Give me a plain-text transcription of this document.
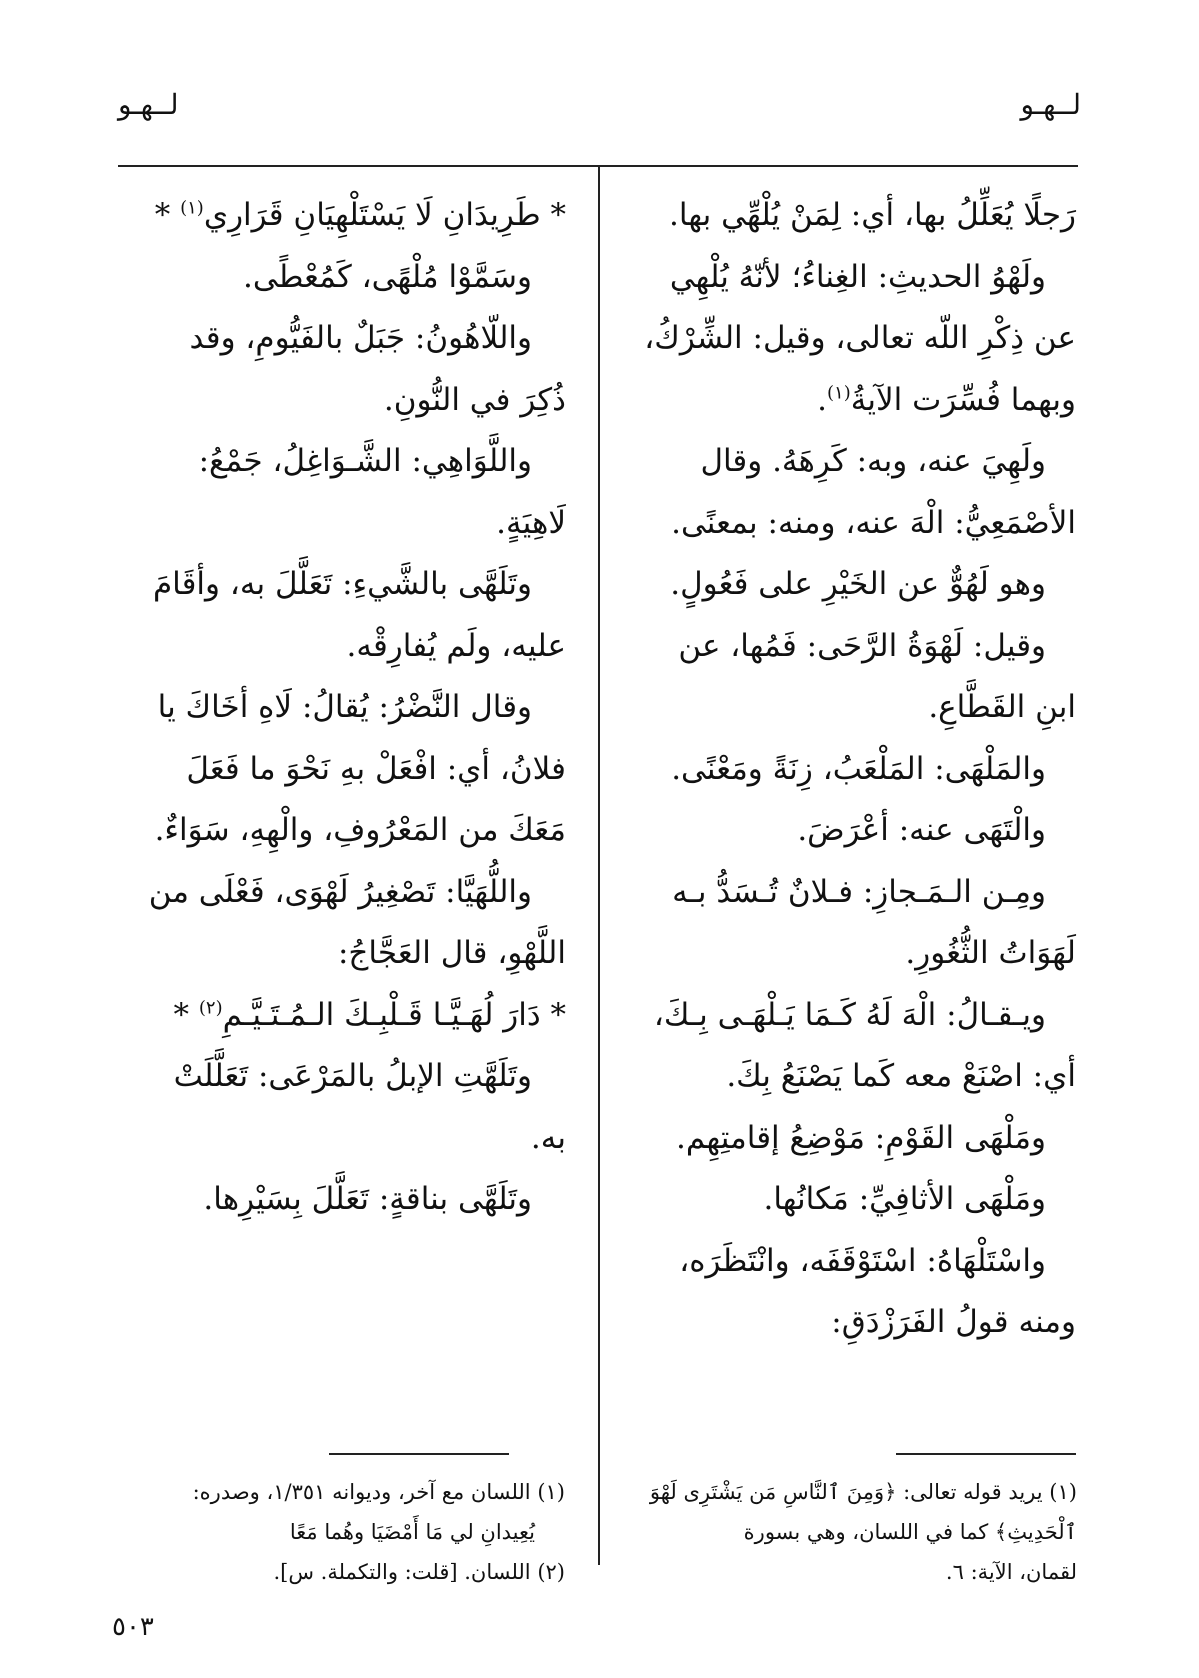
لــهـو
لــهـو
رَجلًا يُعَلِّلُ بها، أي: لِمَنْ يُلْهِّي بها.
ولَهْوُ الحديثِ: الغِناءُ؛ لأنّهُ يُلْهِي
عن ذِكْرِ اللّه تعالى، وقيل: الشِّرْكُ،
وبهما فُسِّرَت الآيةُ$^{(١)}$.
ولَهِيَ عنه، وبه: كَرِهَهُ. وقال
الأصْمَعِيُّ: الْهَ عنه، ومنه: بمعنًى.
وهو لَهُوٌّ عن الخَيْرِ على فَعُولٍ.
وقيل: لَهْوَةُ الرَّحَى: فَمُها، عن
ابنِ القَطَّاعِ.
والمَلْهَى: المَلْعَبُ، زِنَةً ومَعْنًى.
والْتَهَى عنه: أعْرَضَ.
ومِـن الـمَـجازِ: فـلانٌ تُـسَدُّ بـه
لَهَوَاتُ الثُّغُورِ.
ويـقـالُ: الْهَ لَهُ كَـمَا يَـلْهَـى بِـكَ،
أي: اصْنَعْ معه كَما يَصْنَعُ بِكَ.
ومَلْهَى القَوْمِ: مَوْضِعُ إقامتِهِم.
ومَلْهَى الأثافِيِّ: مَكانُها.
واسْتَلْهَاهُ: اسْتَوْقَفَه، وانْتَظَرَه،
ومنه قولُ الفَرَزْدَقِ:
* طَرِيدَانِ لَا يَسْتَلْهِيَانِ قَرَارِي$^{(١)}$ *
وسَمَّوْا مُلْهًى، كَمُعْطًى.
واللّاهُونُ: جَبَلٌ بالفَيُّومِ، وقد
ذُكِرَ في النُّونِ.
واللَّوَاهِي: الشَّـوَاغِلُ، جَمْعُ:
لَاهِيَةٍ.
وتَلَهَّى بالشَّيءِ: تَعَلَّلَ به، وأقَامَ
عليه، ولَم يُفارِقْه.
وقال النَّضْرُ: يُقالُ: لَاهِ أخَاكَ يا
فلانُ، أي: افْعَلْ بهِ نَحْوَ ما فَعَلَ
مَعَكَ من المَعْرُوفِ، والْهِهِ، سَوَاءٌ.
واللُّهَيَّا: تَصْغِيرُ لَهْوَى، فَعْلَى من
اللَّهْوِ، قال العَجَّاجُ:
* دَارَ لُهَـيَّـا قَـلْبِـكَ الـمُـتَـيَّـمِ$^{(٢)}$ *
وتَلَهَّتِ الإبلُ بالمَرْعَى: تَعَلَّلَتْ
به.
وتَلَهَّى بناقةٍ: تَعَلَّلَ بِسَيْرِها.
(١) يريد قوله تعالى: ﴿وَمِنَ ٱلنَّاسِ مَن يَشْتَرِى لَهْوَ
ٱلْحَدِيثِ﴾ كما في اللسان، وهي بسورة
لقمان، الآية: ٦.
(١) اللسان مع آخر، وديوانه ١/٣٥١، وصدره:
يُعِيدانِ لي مَا أَمْضَيَا وهُما مَعًا
(٢) اللسان. [قلت: والتكملة. س].
٥٠٣
